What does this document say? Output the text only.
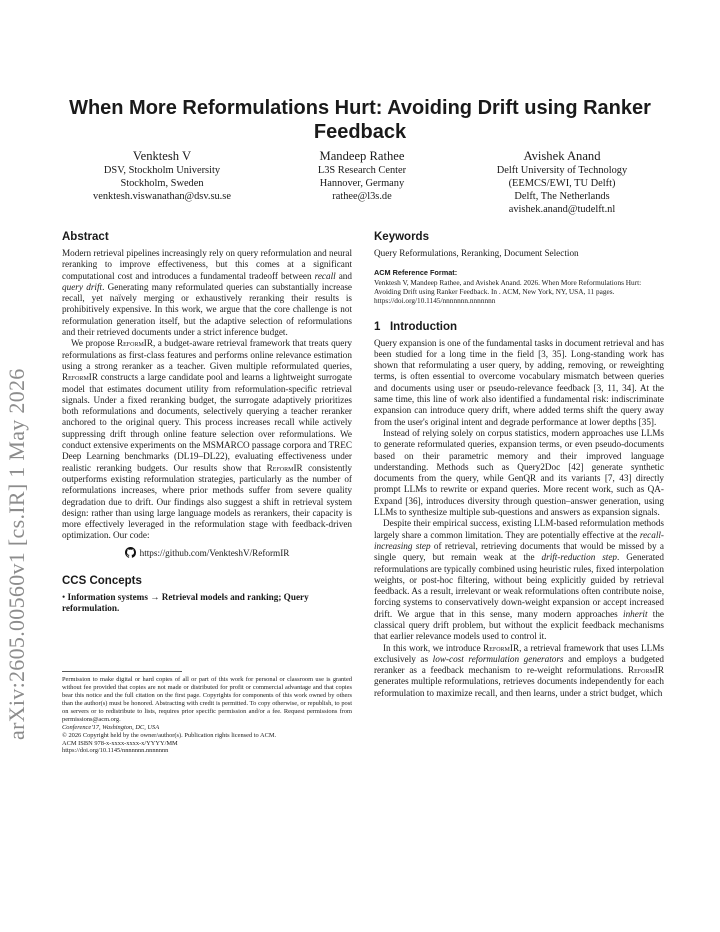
arXiv:2605.00560v1 [cs.IR] 1 May 2026
When More Reformulations Hurt: Avoiding Drift using Ranker Feedback
Venktesh V
DSV, Stockholm University
Stockholm, Sweden
venktesh.viswanathan@dsv.su.se
Mandeep Rathee
L3S Research Center
Hannover, Germany
rathee@l3s.de
Avishek Anand
Delft University of Technology
(EEMCS/EWI, TU Delft)
Delft, The Netherlands
avishek.anand@tudelft.nl
Abstract

Modern retrieval pipelines increasingly rely on query reformulation and neural reranking to improve effectiveness, but this comes at a significant computational cost and introduces a fundamental tradeoff between recall and query drift. Generating many reformulated queries can substantially increase recall, yet naïvely merging or exhaustively reranking their results is prohibitively expensive. In this work, we argue that the core challenge is not reformulation generation itself, but the adaptive selection of reformulations and their retrieved documents under a strict inference budget.

We propose ReformIR, a budget-aware retrieval framework that treats query reformulations as first-class features and performs online relevance estimation using a strong reranker as a teacher. Given multiple reformulated queries, ReformIR constructs a large candidate pool and learns a lightweight surrogate model that estimates document utility from reformulation-specific retrieval signals. Under a fixed reranking budget, the surrogate adaptively prioritizes both reformulations and documents, selectively querying a teacher reranker anchored to the original query. This process increases recall while actively suppressing drift through online feature selection over reformulations. We conduct extensive experiments on the MSMARCO passage corpora and TREC Deep Learning benchmarks (DL19–DL22), evaluating effectiveness under realistic reranking budgets. Our results show that ReformIR consistently outperforms existing reformulation strategies, particularly as the number of reformulations increases, where prior methods suffer from severe quality degradation due to drift. Our findings also suggest a shift in retrieval system design: rather than using large language models as rerankers, their capacity is more effectively leveraged in the reformulation stage with feedback-driven optimization. Our code:

https://github.com/VenkteshV/ReformIR
CCS Concepts

• Information systems → Retrieval models and ranking; Query reformulation.

Permission to make digital or hard copies of all or part of this work for personal or classroom use is granted without fee provided that copies are not made or distributed for profit or commercial advantage and that copies bear this notice and the full citation on the first page. Copyrights for components of this work owned by others than the author(s) must be honored. Abstracting with credit is permitted. To copy otherwise, or republish, to post on servers or to redistribute to lists, requires prior specific permission and/or a fee. Request permissions from permissions@acm.org.

Conference'17, Washington, DC, USA

© 2026 Copyright held by the owner/author(s). Publication rights licensed to ACM.

ACM ISBN 978-x-xxxx-xxxx-x/YYYY/MM

https://doi.org/10.1145/nnnnnnn.nnnnnnn

Keywords

Query Reformulations, Reranking, Document Selection

ACM Reference Format:

Venktesh V, Mandeep Rathee, and Avishek Anand. 2026. When More Reformulations Hurt: Avoiding Drift using Ranker Feedback. In . ACM, New York, NY, USA, 11 pages. https://doi.org/10.1145/nnnnnnn.nnnnnnn

1   Introduction

Query expansion is one of the fundamental tasks in document retrieval and has been studied for a long time in the field [3, 35]. Long-standing work has shown that reformulating a user query, by adding, removing, or reweighting terms, is often essential to overcome vocabulary mismatch between queries and documents using user or pseudo-relevance feedback [3, 11, 34]. At the same time, this line of work also identified a fundamental risk: indiscriminate expansion can introduce query drift, where added terms shift the query away from the user's original intent and degrade performance at lower depths [35].

Instead of relying solely on corpus statistics, modern approaches use LLMs to generate reformulated queries, expansion terms, or even pseudo-documents based on their parametric memory and their improved language understanding. Methods such as Query2Doc [42] generate synthetic documents from the query, while GenQR and its variants [7, 43] directly prompt LLMs to rewrite or expand queries. More recent work, such as QA-Expand [36], introduces diversity through question–answer generation, using LLMs to synthesize multiple sub-questions and answers as expansion signals.

Despite their empirical success, existing LLM-based reformulation methods largely share a common limitation. They are potentially effective at the recall-increasing step of retrieval, retrieving documents that would be missed by a single query, but remain weak at the drift-reduction step. Generated reformulations are typically combined using heuristic rules, fixed interpolation weights, or post-hoc filtering, without being explicitly guided by retrieval feedback. As a result, irrelevant or weak reformulations often contribute noise, forcing systems to conservatively down-weight expansion or accept increased drift. We argue that in this sense, many modern approaches inherit the classical query drift problem, but without the explicit feedback mechanisms that earlier relevance models used to control it.

In this work, we introduce ReformIR, a retrieval framework that uses LLMs exclusively as low-cost reformulation generators and employs a budgeted reranker as a feedback mechanism to re-weight reformulations. ReformIR generates multiple reformulations, retrieves documents independently for each reformulation to maximize recall, and then learns, under a strict budget, which
